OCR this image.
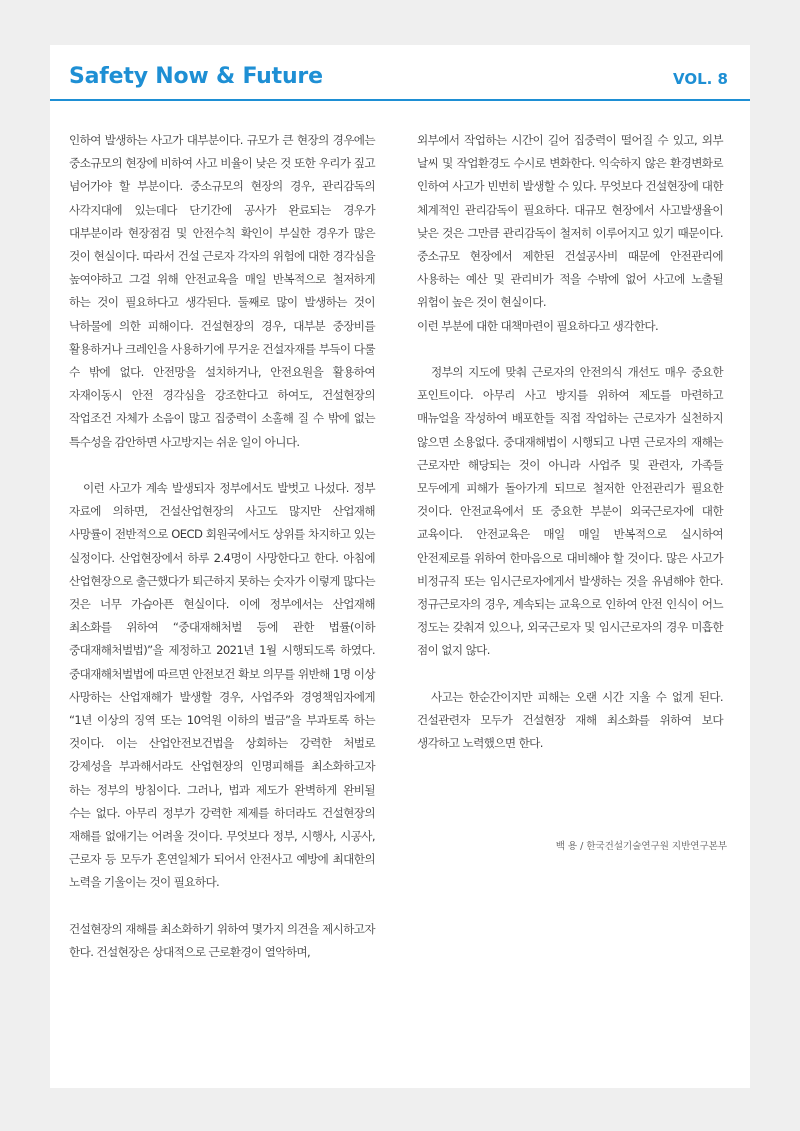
Safety Now & Future	VOL. 8

인하여 발생하는 사고가 대부분이다. 규모가 큰 현장의 경우에는 중소규모의 현장에 비하여 사고 비율이 낮은 것 또한 우리가 짚고 넘어가야 할 부분이다. 중소규모의 현장의 경우, 관리감독의 사각지대에 있는데다 단기간에 공사가 완료되는 경우가 대부분이라 현장점검 및 안전수칙 확인이 부실한 경우가 많은 것이 현실이다. 따라서 건설 근로자 각자의 위험에 대한 경각심을 높여야하고 그걸 위해 안전교육을 매일 반복적으로 철저하게 하는 것이 필요하다고 생각된다. 둘째로 많이 발생하는 것이 낙하물에 의한 피해이다. 건설현장의 경우, 대부분 중장비를 활용하거나 크레인을 사용하기에 무거운 건설자재를 부득이 다룰 수 밖에 없다. 안전망을 설치하거나, 안전요원을 활용하여 자재이동시 안전 경각심을 강조한다고 하여도, 건설현장의 작업조건 자체가 소음이 많고 집중력이 소홀해 질 수 밖에 없는 특수성을 감안하면 사고방지는 쉬운 일이 아니다.

이런 사고가 계속 발생되자 정부에서도 발벗고 나섰다. 정부 자료에 의하면, 건설산업현장의 사고도 많지만 산업재해 사망률이 전반적으로 OECD 회원국에서도 상위를 차지하고 있는 실정이다. 산업현장에서 하루 2.4명이 사망한다고 한다. 아침에 산업현장으로 출근했다가 퇴근하지 못하는 숫자가 이렇게 많다는 것은 너무 가슴아픈 현실이다. 이에 정부에서는 산업재해 최소화를 위하여 “중대재해처벌 등에 관한 법률(이하 중대재해처벌법)”을 제정하고 2021년 1월 시행되도록 하였다. 중대재해처벌법에 따르면 안전보건 확보 의무를 위반해 1명 이상 사망하는 산업재해가 발생할 경우, 사업주와 경영책임자에게 “1년 이상의 징역 또는 10억원 이하의 벌금”을 부과토록 하는 것이다. 이는 산업안전보건법을 상회하는 강력한 처벌로 강제성을 부과해서라도 산업현장의 인명피해를 최소화하고자 하는 정부의 방침이다. 그러나, 법과 제도가 완벽하게 완비될 수는 없다. 아무리 정부가 강력한 제제를 하더라도 건설현장의 재해를 없애기는 어려울 것이다. 무엇보다 정부, 시행사, 시공사, 근로자 등 모두가 혼연일체가 되어서 안전사고 예방에 최대한의 노력을 기울이는 것이 필요하다.

건설현장의 재해를 최소화하기 위하여 몇가지 의견을 제시하고자 한다. 건설현장은 상대적으로 근로환경이 열악하며,

외부에서 작업하는 시간이 길어 집중력이 떨어질 수 있고, 외부 날씨 및 작업환경도 수시로 변화한다. 익숙하지 않은 환경변화로 인하여 사고가 빈번히 발생할 수 있다. 무엇보다 건설현장에 대한 체계적인 관리감독이 필요하다. 대규모 현장에서 사고발생율이 낮은 것은 그만큼 관리감독이 철저히 이루어지고 있기 때문이다. 중소규모 현장에서 제한된 건설공사비 때문에 안전관리에 사용하는 예산 및 관리비가 적을 수밖에 없어 사고에 노출될 위험이 높은 것이 현실이다.

이런 부분에 대한 대책마련이 필요하다고 생각한다.

정부의 지도에 맞춰 근로자의 안전의식 개선도 매우 중요한 포인트이다. 아무리 사고 방지를 위하여 제도를 마련하고 매뉴얼을 작성하여 배포한들 직접 작업하는 근로자가 실천하지 않으면 소용없다. 중대재해법이 시행되고 나면 근로자의 재해는 근로자만 해당되는 것이 아니라 사업주 및 관련자, 가족들 모두에게 피해가 돌아가게 되므로 철저한 안전관리가 필요한 것이다. 안전교육에서 또 중요한 부분이 외국근로자에 대한 교육이다. 안전교육은 매일 매일 반복적으로 실시하여 안전제로를 위하여 한마음으로 대비해야 할 것이다. 많은 사고가 비정규직 또는 임시근로자에게서 발생하는 것을 유념해야 한다. 정규근로자의 경우, 계속되는 교육으로 인하여 안전 인식이 어느 정도는 갖춰져 있으나, 외국근로자 및 임시근로자의 경우 미흡한 점이 없지 않다.

사고는 한순간이지만 피해는 오랜 시간 지울 수 없게 된다. 건설관련자 모두가 건설현장 재해 최소화를 위하여 보다 생각하고 노력했으면 한다.

백 용 / 한국건설기술연구원 지반연구본부
